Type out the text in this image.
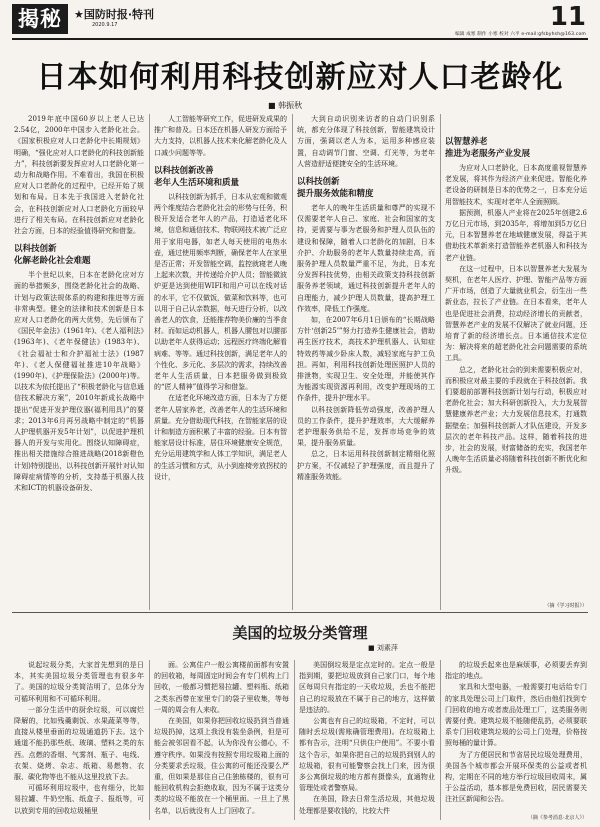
揭秘	★国防时报·特刊
2020.9.17	11
编辑 成寒 制作 小寒 校对 六平 e-mail:gfsbyhsh@163.com
日本如何利用科技创新应对人口老龄化
■ 韩振秋

2019年底中国60岁以上老人已达2.54亿，2000年中国步入老龄化社会。《国家积极应对人口老龄化中长期规划》明确，“强化应对人口老龄化的科技创新能力”，科技创新要发挥应对人口老龄化第一动力和战略作用。不难看出，我国在积极应对人口老龄化的过程中，已经开始了规划和布局。日本先于我国进入老龄化社会，在科技创新应对人口老龄化方面较早进行了相关布局。在科技创新应对老龄化社会方面，日本的经验值得研究和借鉴。

以科技创新
化解老龄化社会难题

半个世纪以来，日本在老龄化应对方面的举措频多，围绕老龄化社会的战略、计划与政策法规体系的构建和推进等方面非常典型。健全的法律和技术创新是日本应对人口老龄化的两大优势，先后颁布了《国民年金法》(1961年)、《老人福利法》(1963年)、《老年保健法》(1983年)、《社会福祉士和介护福祉士法》(1987年)、《老人保健福祉推进10年战略》(1990年)、《护理保险法》(2000年)等。以技术为依托提出了“积极老龄化与信息通信技术解决方案”，2010年新成长战略中提出“促进开发护理仪器(福利用具)”的要求；2013年6月再另战略中制定的“机器人护理机器开发5年计划”，以促进护理机器人的开发与实用化。围绕认知障碍症，推出相关措施综合推进战略(2018新橙色计划)特别提出，以科技创新开展针对认知障碍症病情等的分析，支持基于机器人技术和ICT的机器设备研发、

人工智能等研究工作，促进研发成果的推广和普及。日本还在机器人研发方面给予大力支持，以机器人技术来化解老龄化及人口减少问题等等。

以科技创新改善
老年人生活环境和质量

以科技创新为抓手，日本从宏观和微观两个维度结合老龄化社会的形势与任务，积极开发适合老年人的产品，打造适老化环境，信息和通信技术、物联网技术被广泛应用于家用电器，如老人每天使用的电热水壶，通过使用频率判断，确保老年人在家里是否正常；开发智能空调，监控就寝老人晚上起来次数，并传递给介护人员；智能微波炉更是达到使用WIFI和用户可以在线对话的水平，它不仅做饭，做菜和饮料等，也可以用于自己认亲数据，每天进行分析，以改善老人的饮食，还能推荐物美价廉的当季食材。而如运动机器人，机器人腰包对以腰部以助老年人获得运动；远程医疗终端化解看病难、等等。通过科技创新，满足老年人的个性化、多元化、多层次的需求，持续改善老年人生活质量，日本把服务做到极致的“匠人精神”值得学习和借鉴。

在适老化环境改造方面，日本为了方便老年人居家养老，改善老年人的生活环境和质量。充分借助现代科技，在智能家居的设计和制造方面积累了丰富的经验。日本有智能家居设计标准，居住环境健康安全规范，充分运用建筑学和人体工学知识，满足老人的生活习惯和方式，从小到座椅旁放拐杖的设计，

大到自动识别来访者的自动门识别系统，都充分体现了科技创新，智能建筑设计方面，强调以老人为本，运用多种感应装置，自动调节门窗、空调、灯光等，为老年人营造舒适便捷安全的生活环境。

以科技创新
提升服务效能和精度

老年人的晚年生活质量和尊严的实现不仅需要老年人自己、家庭、社会和国家的支持，更需要与事为老服务和护理人员队伍的建设和保障，随着人口老龄化的加剧，日本介护、介助服务的老年人数量持续走高，而服务护理人员数量严重不足，为此，日本充分发挥科技优势，由相关政策支持科技创新服务养老领域，通过科技创新提升老年人的自理能力，减少护理人员数量，提高护理工作效率，降低工作强度。

如，在2007年6月1日颁布的“长期战略方针‘创新25’”努力打造养生健康社会，借助再生医疗技术，高技术护理机器人、认知症特效药等减少卧床人数，减轻家庭与护工负担。再如，利用科技创新处理医照护人员的排泄物，实现卫生、安全处理，并能使其作为能源实现资源再利用，改变护理现场的工作条件，提升护理水平。

以科技创新降低劳动强度，改善护理人员的工作条件，提升护理效率，大大缓解养老护理服务供给不足，发挥市场竞争的效果，提升服务质量。

总之，日本运用科技创新制定精细化照护方案，不仅减轻了护理强度，而且提升了精准服务效能。

以智慧养老
推进为老服务产业发展

为应对人口老龄化，日本高度重视智慧养老发展，将其作为经济产业来促进。智能化养老设备的研制是日本的优势之一，日本充分运用智能技术，实现对老年人全面照顾。

据预测，机器人产业将在2025年创建2.6万亿日元市场，到2035年，将增加到5万亿日元，日本智慧养老在地域健康发展，得益于其借助技术革新来打造智能养老机器人和科技为老产业链。

在这一过程中，日本以智慧养老大发展为契机，在老年人医疗、护理、智能产品等方面广开市场，创造了大量就业机会，衍生出一些新业态，拉长了产业链。在日本看来，老年人也是促进社会消费，拉动经济增长的贡献者，智慧养老产业的发展不仅解决了就业问题，还培育了新的经济增长点。日本通信技术定位为：解决将来的超老龄化社会问题需要的系统工具。

总之，老龄化社会的到来需要积极应对，而积极应对最主要的手段就在于科技创新。我们要超前部署科技创新计划与行动，积极应对老龄化社会；加大科研创新投入，大力发展智慧健康养老产业；大力发展信息技术，打通数据壁垒；加强科技创新人才队伍建设，开发多层次的老年科技产品。这样，随着科技的进步，社会的发展，财富储备的充实，我国老年人晚年生活质量必将随着科技创新不断优化和升级。

（摘《学习时报》）
美国的垃圾分类管理
■ 刘素萍

说起垃圾分类，大家首先想到的是日本，其实美国垃圾分类管理也有很多年了。美国的垃圾分类简洁明了，总体分为可循环利用和不可循环利用。

一部分生活中的厨余垃圾，可以腐烂降解的，比如残羹剩饭、水果蔬菜等等，直接从楼里垂面的垃圾通道扔下去。这个通道不能扔那些纸、玻璃、塑料之类的东西。点燃的香烟、气雾剂、瓶子、电线、衣架、烧烤、杂志、纸箱、易燃物、衣服、碳化物等也不能从这里投放下去。

可循环利用垃圾中，也有细分，比如易拉罐、牛奶空瓶、纸盒子、报纸等，可以放到专用的回收垃圾桶里

面。公寓住户一般公寓楼前面都有安置的回收箱，每周固定时间会有专门机构上门回收，一般都习惯把易拉罐、塑料瓶、纸箱之类东西带在家里专门的袋子里收集，等每一周的周会有人来收。

在美国，如果你把回收垃圾扔到当普通垃圾扔掉，这项上我没有装坐条例，但是可能会被邻居看不起，认为你没有公德心，不遵守秩序。如果没有按照专用垃圾箱上面的分类要求丢垃圾，住公寓的可能还没要么严重，但如果是那住自己住独栋楼的，很有可能回收机构会拒绝收取，因为不属于这类分类的垃圾不能放在一个桶里面。一旦上了黑名单，以后就没有人上门回收了。

美国倒垃圾是定点定时的。定点一般是指到期，要把垃圾放到自己家门口，每个地区每周只有指定的一天收垃圾，丢也不能把自己的垃圾放在不属于自己的地方，这样做是违法的。

公寓也有自己的垃圾箱，不定时，可以随时丢垃圾(需账确管理费用)。在垃圾箱上都有告示，注明“只供住户使用”。不要小看这个告示，如果你把自己的垃圾扔到别人的垃圾箱，很有可能警察会找上门来，因为很多公寓倒垃圾的地方都有摄像头，直通物业管理处或者警察局。

在美国，除去日常生活垃圾，其他垃圾处理都是要收钱的，比较大件

的垃圾丢起来也是麻烦事，必须要丢弃到指定的地点。

家具和大型电器，一般需要打电话给专门的家具处理公司上门取件，然后由他们找到专门回收的地方或者废品处理工厂，这类服务则需要付费。建筑垃圾不能随便乱扔，必须要联系专门回收建筑垃圾的公司上门处理，价格按照每桶的量计算。

为了方便居民和节省居民垃圾处理费用，美国各个城市都会开展环保类的公益或者机构，定期在不同的地方举行垃圾回收周末，属于公益活动，基本都是免费回收，居民需要关注社区新闻和公告。

（摘《参考消息·北京人》）
